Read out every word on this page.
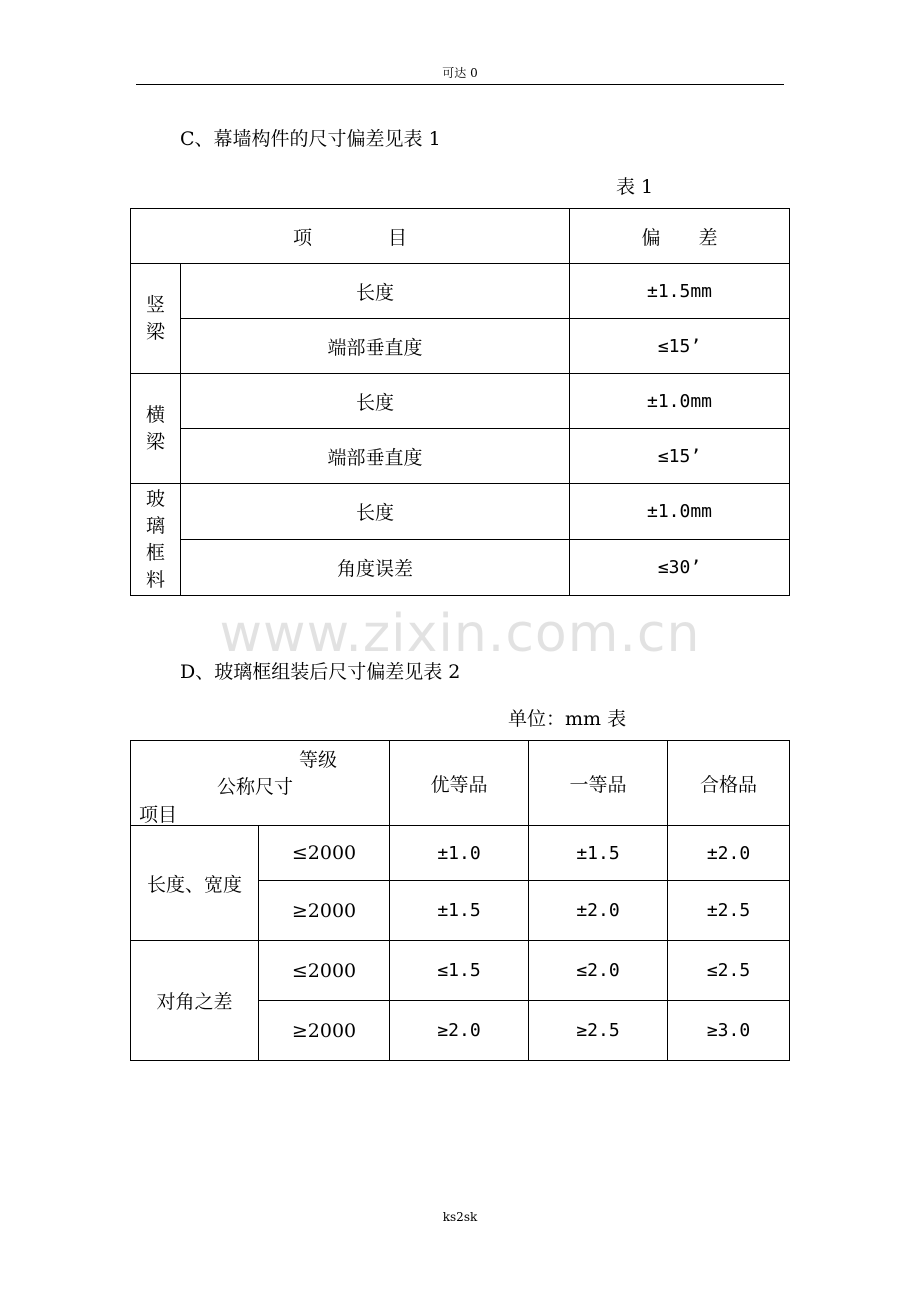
可达 0
C、幕墙构件的尺寸偏差见表 1
表 1
项　　　　目		偏　　差

竖梁	长度	±1.5mm
	端部垂直度	≤15’

横梁	长度	±1.0mm
	端部垂直度	≤15’

玻璃框料	长度	±1.0mm
	角度误差	≤30’
www.zixin.com.cn
D、玻璃框组装后尺寸偏差见表 2
单位：mm 表
等级
公称尺寸
项目		优等品	一等品	合格品
长度、宽度	≤2000	±1.0	±1.5	±2.0
	≥2000	±1.5	±2.0	±2.5
对角之差	≤2000	≤1.5	≤2.0	≤2.5
	≥2000	≥2.0	≥2.5	≥3.0
ks2sk
